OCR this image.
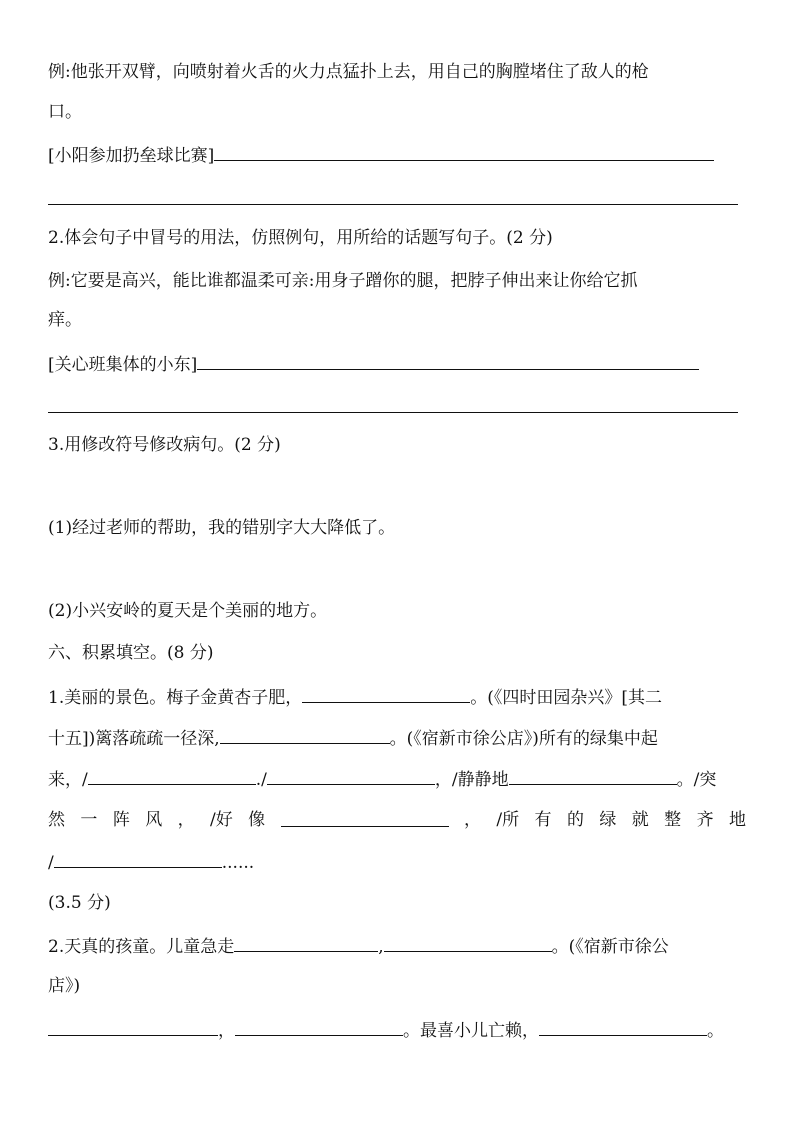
例:他张开双臂，向喷射着火舌的火力点猛扑上去，用自己的胸膛堵住了敌人的枪
口。
[小阳参加扔垒球比赛]
2.体会句子中冒号的用法，仿照例句，用所给的话题写句子。(2 分)
例:它要是高兴，能比谁都温柔可亲:用身子蹭你的腿，把脖子伸出来让你给它抓
痒。
[关心班集体的小东]
3.用修改符号修改病句。(2 分)
(1)经过老师的帮助，我的错别字大大降低了。
(2)小兴安岭的夏天是个美丽的地方。
六、积累填空。(8 分)
1.美丽的景色。梅子金黄杏子肥，	。(《四时田园杂兴》[其二
十五])篱落疏疏一径深,	。(《宿新市徐公店》)所有的绿集中起
来，/	./	，/静静地	。/突
然 一 阵 风 ， /好 像	， /所 有 的 绿 就 整 齐 地
/	......
(3.5 分)
2.天真的孩童。儿童急走	,	。(《宿新市徐公
店》)
，	。最喜小儿亡赖，	。
